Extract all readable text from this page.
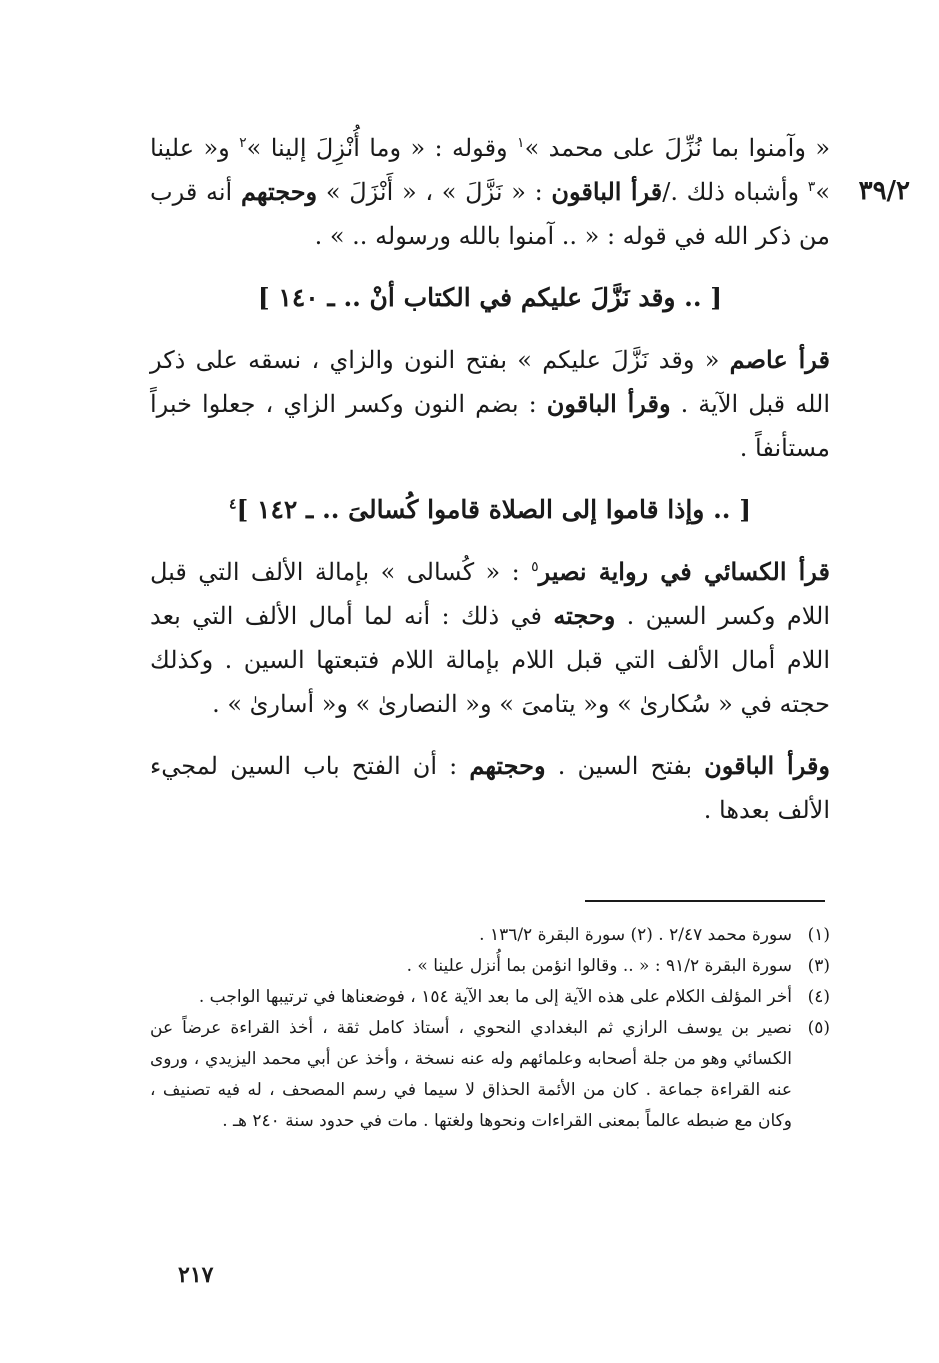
٣٩/٢

« وآمنوا بما نُزِّلَ على محمد »$^١$ وقوله : « وما أُنْزِلَ إلينا »$^٢$ و« علينا »$^٣$ وأشباه ذلك ./قرأ الباقون : « نَزَّلَ » ، « أَنْزَلَ » وحجتهم أنه قرب من ذكر الله في قوله : « .. آمنوا بالله ورسوله .. » .

[ .. وقد نَزَّلَ عليكم في الكتاب أنْ .. ـ ١٤٠ ]

قرأ عاصم « وقد نَزَّلَ عليكم » بفتح النون والزاي ، نسقه على ذكر الله قبل الآية . وقرأ الباقون : بضم النون وكسر الزاي ، جعلوا خبراً مستأنفاً .

[ .. وإذا قاموا إلى الصلاة قاموا كُسالىَ .. ـ ١٤٢ ]$^٤$

قرأ الكسائي في رواية نصير$^٥$ : « كُسالى » بإمالة الألف التي قبل اللام وكسر السين . وحجته في ذلك : أنه لما أمال الألف التي بعد اللام أمال الألف التي قبل اللام بإمالة اللام فتبعتها السين . وكذلك حجته في « سُكارىٰ » و« يتامىَ » و« النصارىٰ » و« أسارىٰ » .

وقرأ الباقون بفتح السين . وحجتهم : أن الفتح باب السين لمجيء الألف بعدها .

(١)
سورة محمد ٢/٤٧ . (٢) سورة البقرة ١٣٦/٢ .
(٣)
سورة البقرة ٩١/٢ : « .. وقالوا انؤمن بما أُنزل علينا » .
(٤)
أخر المؤلف الكلام على هذه الآية إلى ما بعد الآية ١٥٤ ، فوضعناها في ترتيبها الواجب .
(٥)
نصير بن يوسف الرازي ثم البغدادي النحوي ، أستاذ كامل ثقة ، أخذ القراءة عرضاً عن الكسائي وهو من جلة أصحابه وعلمائهم وله عنه نسخة ، وأخذ عن أبي محمد اليزيدي ، وروى عنه القراءة جماعة . كان من الأئمة الحذاق لا سيما في رسم المصحف ، له فيه تصنيف ، وكان مع ضبطه عالماً بمعنى القراءات ونحوها ولغتها . مات في حدود سنة ٢٤٠ هـ .
٢١٧
